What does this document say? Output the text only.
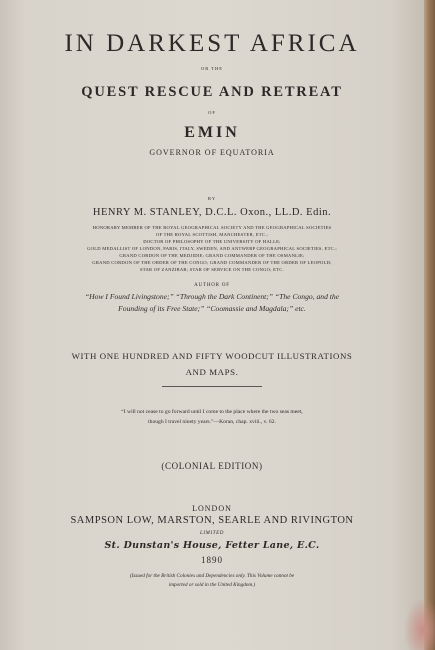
IN DARKEST AFRICA

OR THE

QUEST RESCUE AND RETREAT

OF

EMIN

GOVERNOR OF EQUATORIA

BY

HENRY M. STANLEY, D.C.L. Oxon., LL.D. Edin.

HONORARY MEMBER OF THE ROYAL GEOGRAPHICAL SOCIETY AND THE GEOGRAPHICAL SOCIETIES

OF THE ROYAL SCOTTISH, MANCHESTER, ETC.;

DOCTOR OF PHILOSOPHY OF THE UNIVERSITY OF HALLE;

GOLD MEDALLIST OF LONDON, PARIS, ITALY, SWEDEN, AND ANTWERP GEOGRAPHICAL SOCIETIES, ETC.;

GRAND CORDON OF THE MEDJIDIE; GRAND COMMANDER OF THE OSMANLIE;

GRAND CORDON OF THE ORDER OF THE CONGO; GRAND COMMANDER OF THE ORDER OF LEOPOLD;

STAR OF ZANZIBAR; STAR OF SERVICE ON THE CONGO; ETC.

AUTHOR OF

“How I Found Livingstone;” “Through the Dark Continent;” “The Congo, and the

Founding of its Free State;” “Coomassie and Magdala;” etc.

WITH ONE HUNDRED AND FIFTY WOODCUT ILLUSTRATIONS

AND MAPS.

“I will not cease to go forward until I come to the place where the two seas meet,

though I travel ninety years.”—Koran, chap. xviii., v. 62.

(COLONIAL EDITION)

LONDON

SAMPSON LOW, MARSTON, SEARLE AND RIVINGTON

LIMITED

St. Dunstan's House, Fetter Lane, E.C.

1890

(Issued for the British Colonies and Dependencies only. This Volume cannot be

imported or sold in the United Kingdom.)
